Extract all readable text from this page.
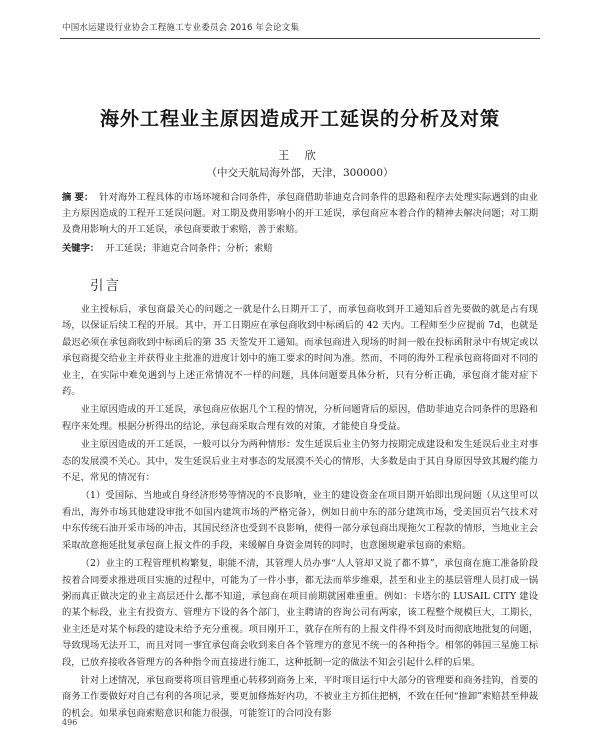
中国水运建设行业协会工程施工专业委员会 2016 年会论文集
海外工程业主原因造成开工延误的分析及对策
王 欣
（中交天航局海外部，天津，300000）
摘 要： 针对海外工程具体的市场环境和合同条件，承包商借助菲迪克合同条件的思路和程序去处理实际遇到的由业主方原因造成的工程开工延误问题。对工期及费用影响小的开工延误，承包商应本着合作的精神去解决问题；对工期及费用影响大的开工延误，承包商要敢于索赔，善于索赔。
关键字： 开工延误；菲迪克合同条件；分析；索赔
引言

业主授标后，承包商最关心的问题之一就是什么日期开工了，而承包商收到开工通知后首先要做的就是占有现场，以保证后续工程的开展。其中，开工日期应在承包商收到中标函后的 42 天内。工程师至少应提前 7d，也就是最迟必须在承包商收到中标函后的第 35 天签发开工通知。而承包商进入现场的时间一般在投标函附录中有规定或以承包商提交给业主并获得业主批准的进度计划中的施工要求的时间为准。然而，不同的海外工程承包商将面对不同的业主，在实际中难免遇到与上述正常情况不一样的问题，具体问题要具体分析，只有分析正确，承包商才能对症下药。

业主原因造成的开工延误，承包商应依据几个工程的情况，分析问题背后的原因，借助菲迪克合同条件的思路和程序来处理。根据分析得出的结论，承包商采取合理有效的对策，才能使自身受益。

业主原因造成的开工延误，一般可以分为两种情形：发生延误后业主仍努力按期完成建设和发生延误后业主对事态的发展漠不关心。其中，发生延误后业主对事态的发展漠不关心的情形，大多数是由于其自身原因导致其履约能力不足，常见的情况有：

（1）受国际、当地或自身经济形势等情况的不良影响，业主的建设资金在项目期开始即出现问题（从这里可以看出，海外市场其他建设审批不如国内建筑市场的严格完备），例如日前中东的部分建筑市场，受美国页岩气技术对中东传统石油开采市场的冲击，其国民经济也受到不良影响，使得一部分承包商出现拖欠工程款的情形，当地业主会采取故意拖延批复承包商上报文件的手段，来缓解自身资金周转的同时，也意图规避承包商的索赔。

（2）业主的工程管理机构繁复，职能不清，其管理人员办事“人人管却又说了都不算”，承包商在施工准备阶段按着合同要求推进项目实施的过程中，可能为了一件小事，都无法而举步维艰，甚至和业主的基层管理人员打成一锅粥而真正做决定的业主高层还什么都不知道，承包商在项目前期就困难重重。例如：卡塔尔的 LUSAIL CITY 建设的某个标段，业主有投资方、管理方下设的各个部门，业主聘请的咨询公司有两家，该工程整个规模巨大，工期长，业主还是对某个标段的建设未给予充分重视。项目刚开工，就存在所有的上报文件得不到及时而彻底地批复的问题，导致现场无法开工，而且对同一事宜承包商会收到来自各个管理方的意见不统一的各种指令。相邻的韩国三星施工标段，已放弃接收各管理方的各种指令而直接进行施工，这种抵制一定的做法不知会引起什么样的后果。

针对上述情况，承包商要将项目管理重心转移到商务上来，平时项目运行中大部分的管理要和商务挂钩，首要的商务工作要做好对自己有利的各项记录，要更加修炼好内功，不被业主方抓住把柄，不致在任何“推卸”索赔甚至伸裁的机会。如果承包商索赔意识和能力很强，可能签订的合同没有影

496
